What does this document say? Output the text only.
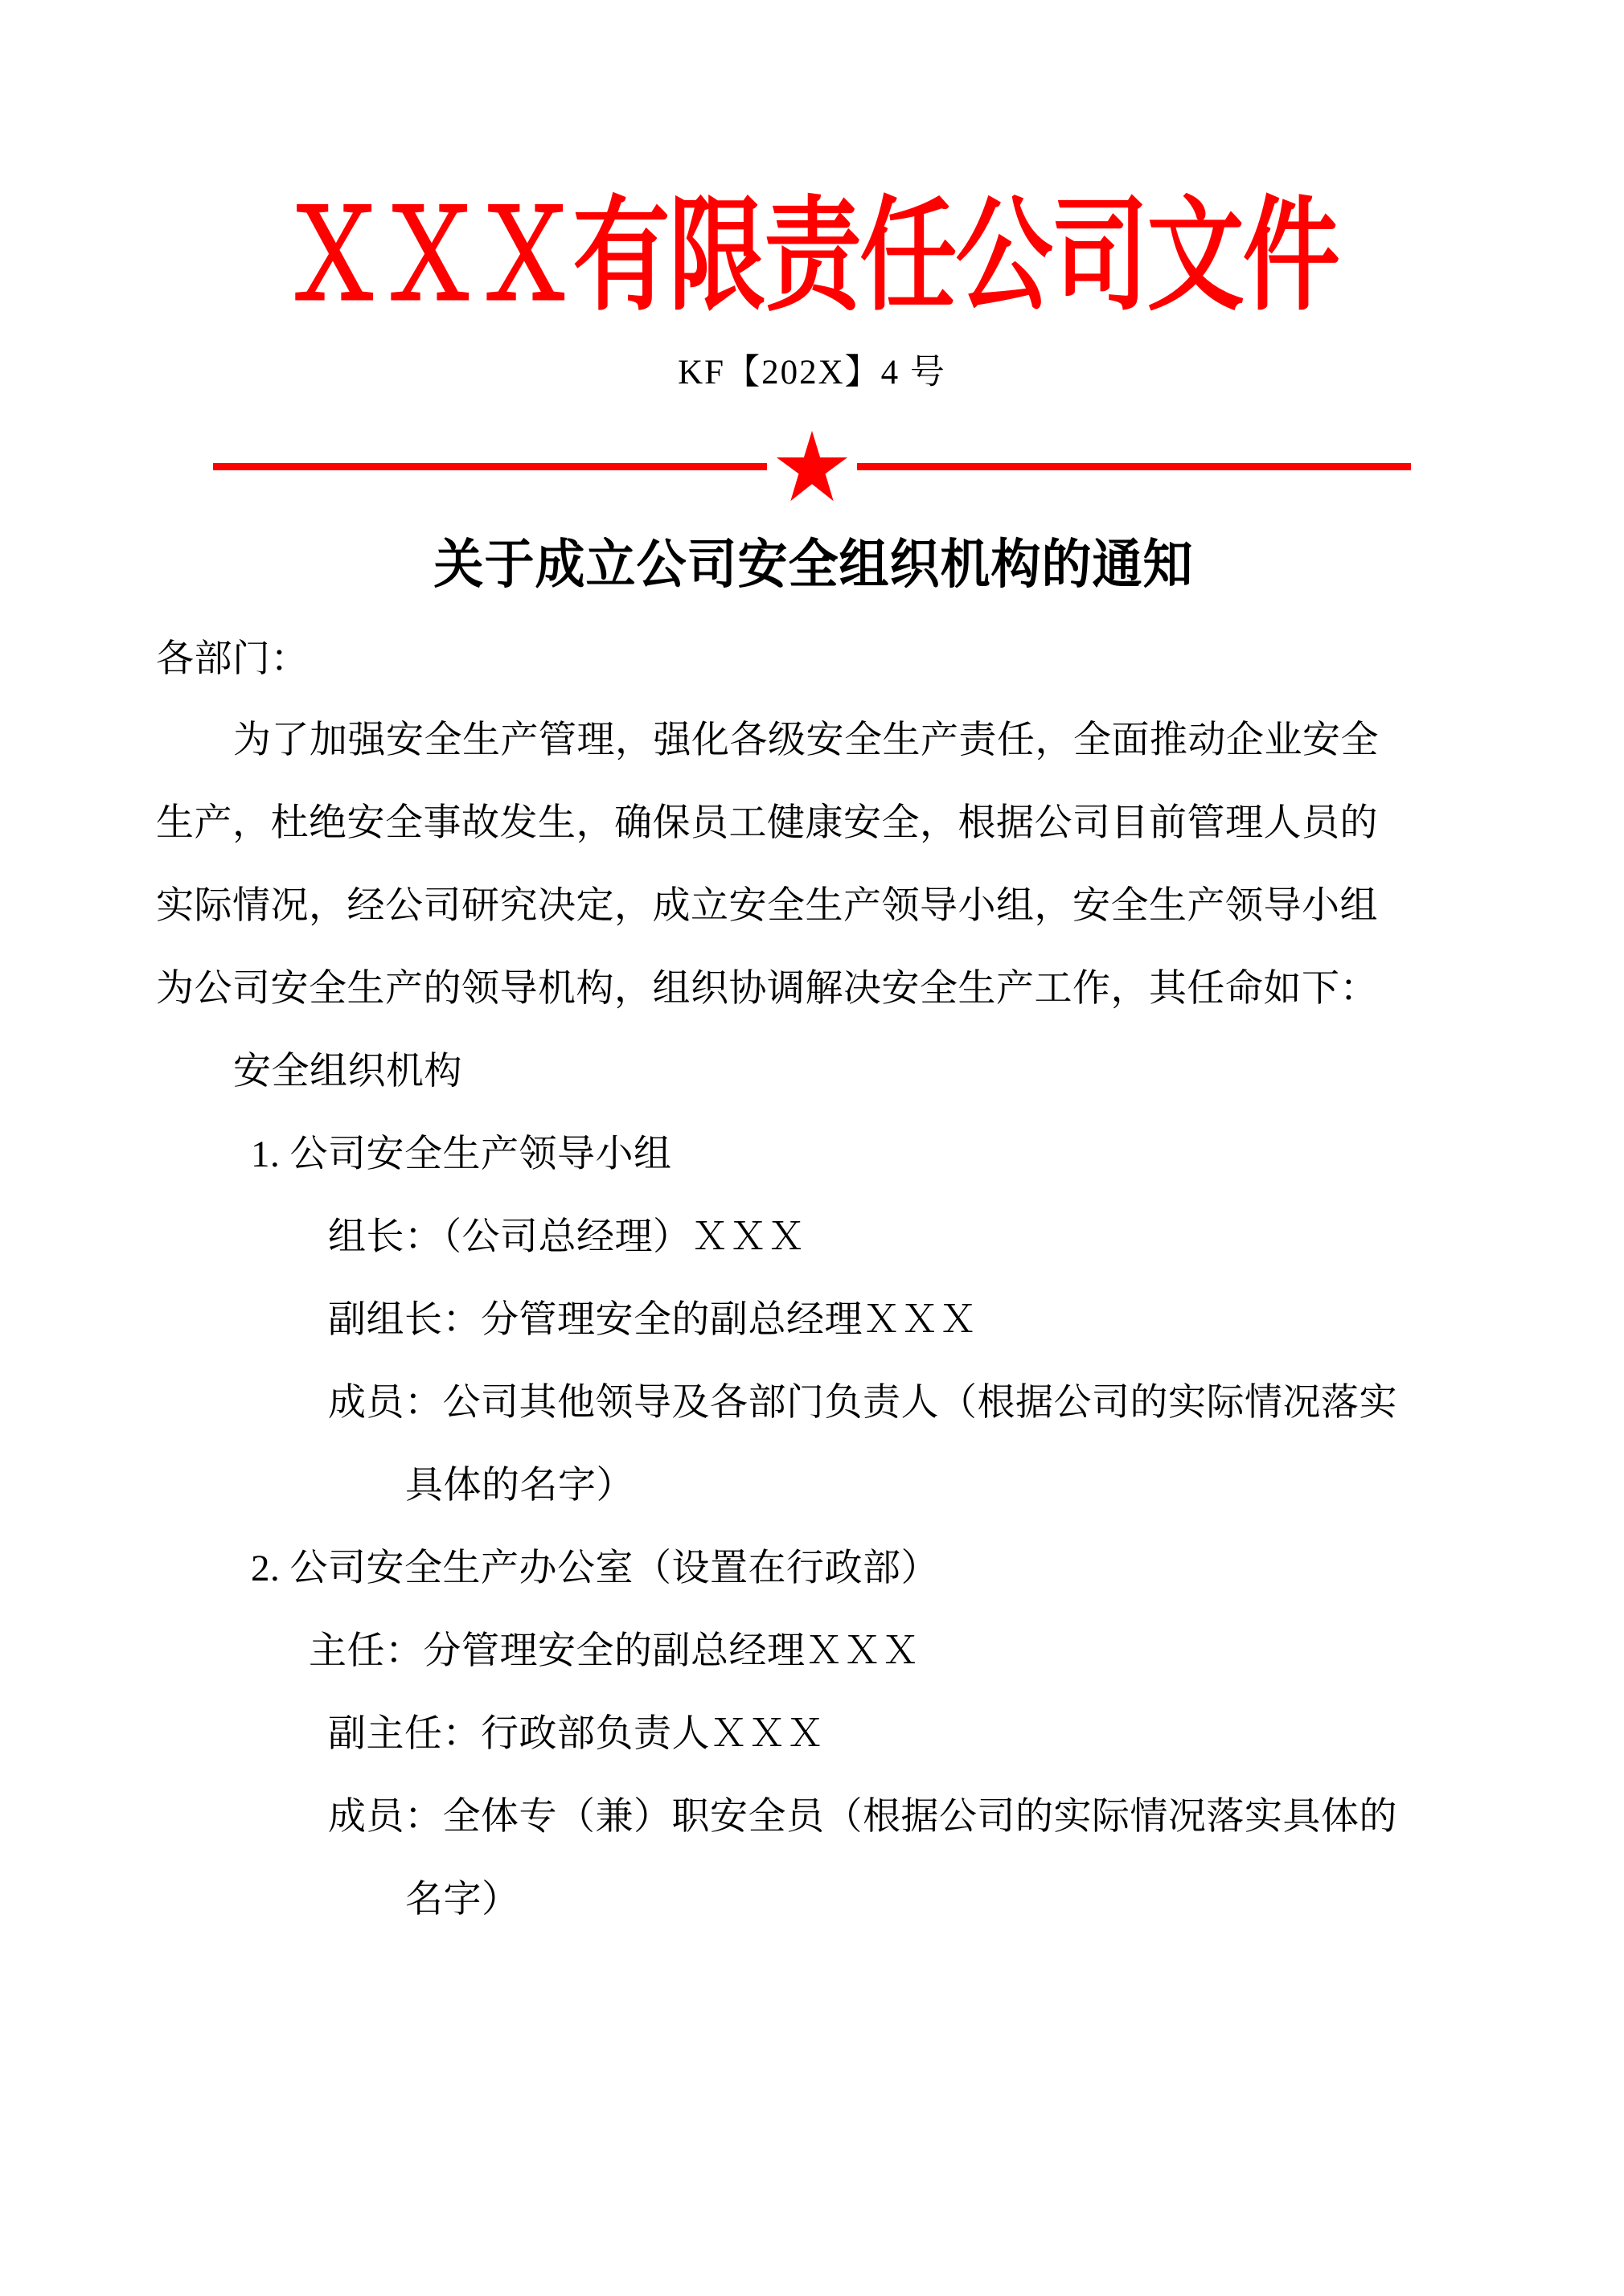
ＸＸＸ有限责任公司文件
KF【202X】4 号
关于成立公司安全组织机构的通知
各部门：
为了加强安全生产管理，强化各级安全生产责任，全面推动企业安全
生产，杜绝安全事故发生，确保员工健康安全，根据公司目前管理人员的
实际情况，经公司研究决定，成立安全生产领导小组，安全生产领导小组
为公司安全生产的领导机构，组织协调解决安全生产工作，其任命如下：
安全组织机构
1. 公司安全生产领导小组
组长：（公司总经理）ＸＸＸ
副组长：分管理安全的副总经理ＸＸＸ
成员：公司其他领导及各部门负责人（根据公司的实际情况落实
具体的名字）
2. 公司安全生产办公室（设置在行政部）
主任：分管理安全的副总经理ＸＸＸ
副主任：行政部负责人ＸＸＸ
成员：全体专（兼）职安全员（根据公司的实际情况落实具体的
名字）
